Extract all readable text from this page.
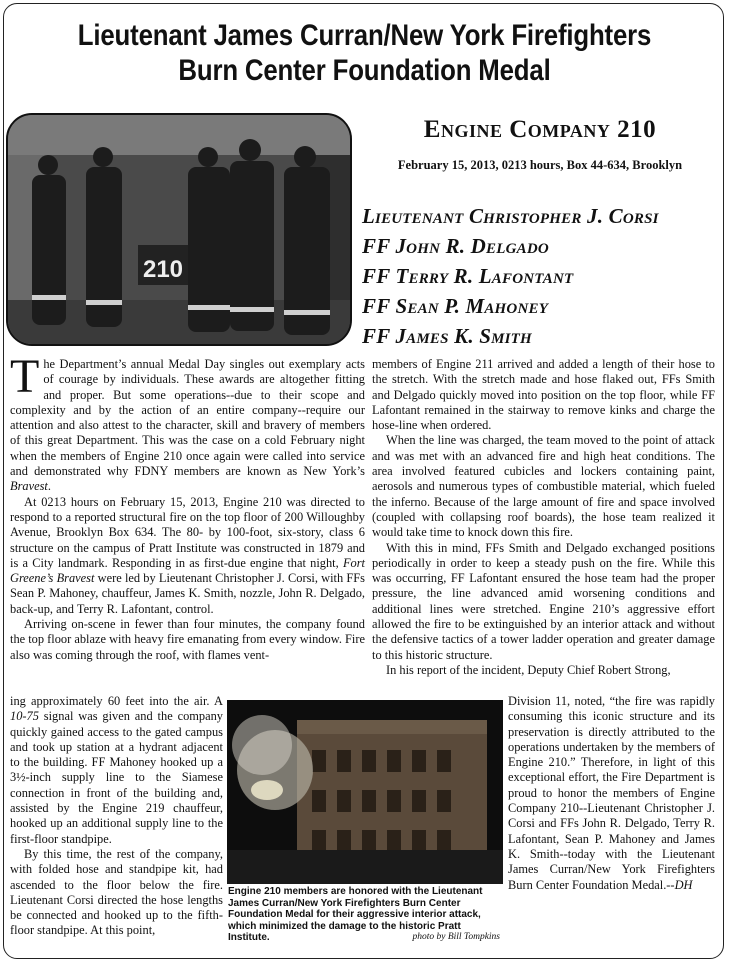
Lieutenant James Curran/New York Firefighters
Burn Center Foundation Medal
210
Engine Company 210
February 15, 2013, 0213 hours, Box 44-634, Brooklyn
Lieutenant Christopher J. Corsi
FF John R. Delgado
FF Terry R. Lafontant
FF Sean P. Mahoney
FF James K. Smith

The Department’s annual Medal Day singles out exemplary acts of courage by individuals. These awards are altogether fitting and proper. But some operations--due to their scope and complexity and by the action of an entire company--require our attention and also attest to the character, skill and bravery of members of this great Department. This was the case on a cold February night when the members of Engine 210 once again were called into service and demonstrated why FDNY members are known as New York’s Bravest.

At 0213 hours on February 15, 2013, Engine 210 was directed to respond to a reported structural fire on the top floor of 200 Willoughby Avenue, Brooklyn Box 634. The 80- by 100-foot, six-story, class 6 structure on the campus of Pratt Institute was constructed in 1879 and is a City landmark. Responding in as first-due engine that night, Fort Greene’s Bravest were led by Lieutenant Christopher J. Corsi, with FFs Sean P. Mahoney, chauffeur, James K. Smith, nozzle, John R. Delgado, back-up, and Terry R. Lafontant, control.

Arriving on-scene in fewer than four minutes, the company found the top floor ablaze with heavy fire emanating from every window. Fire also was coming through the roof, with flames vent-

ing approximately 60 feet into the air. A 10-75 signal was given and the company quickly gained access to the gated campus and took up station at a hydrant adjacent to the building. FF Mahoney hooked up a 3½-inch supply line to the Siamese connection in front of the building and, assisted by the Engine 219 chauffeur, hooked up an additional supply line to the first-floor standpipe.

By this time, the rest of the company, with folded hose and standpipe kit, had ascended to the floor below the fire. Lieutenant Corsi directed the hose lengths be connected and hooked up to the fifth-floor standpipe. At this point,

members of Engine 211 arrived and added a length of their hose to the stretch. With the stretch made and hose flaked out, FFs Smith and Delgado quickly moved into position on the top floor, while FF Lafontant remained in the stairway to remove kinks and charge the hose-line when ordered.

When the line was charged, the team moved to the point of attack and was met with an advanced fire and high heat conditions. The area involved featured cubicles and lockers containing paint, aerosols and numerous types of combustible material, which fueled the inferno. Because of the large amount of fire and space involved (coupled with collapsing roof boards), the hose team realized it would take time to knock down this fire.

With this in mind, FFs Smith and Delgado exchanged positions periodically in order to keep a steady push on the fire. While this was occurring, FF Lafontant ensured the hose team had the proper pressure, the line advanced amid worsening conditions and additional lines were stretched. Engine 210’s aggressive effort allowed the fire to be extinguished by an interior attack and without the defensive tactics of a tower ladder operation and greater damage to this historic structure.

In his report of the incident, Deputy Chief Robert Strong,

Division 11, noted, “the fire was rapidly consuming this iconic structure and its preservation is directly attributed to the operations undertaken by the members of Engine 210.” Therefore, in light of this exceptional effort, the Fire Department is proud to honor the members of Engine Company 210--Lieutenant Christopher J. Corsi and FFs John R. Delgado, Terry R. Lafontant, Sean P. Mahoney and James K. Smith--today with the Lieutenant James Curran/New York Firefighters Burn Center Foundation Medal.--DH

Engine 210 members are honored with the Lieutenant James Curran/New York Firefighters Burn Center Foundation Medal for their aggressive interior attack, which minimized the damage to the historic Pratt Institute.	photo by Bill Tompkins
